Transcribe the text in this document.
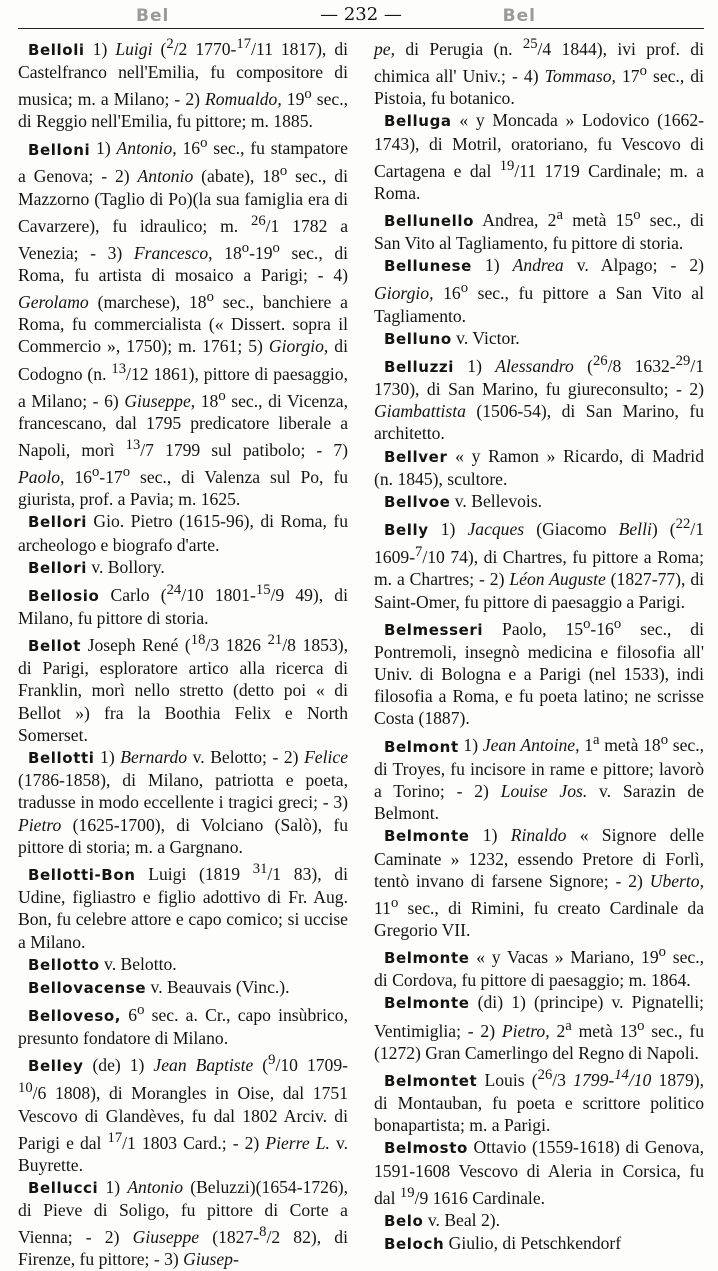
Bel	— 232 —	Bel

Belloli 1) Luigi ($^2$/2 1770-$^{17}$/11 1817), di Castelfranco nell'Emilia, fu compositore di musica; m. a Milano; - 2) Romualdo, 19$^o$ sec., di Reggio nell'Emilia, fu pittore; m. 1885.

Belloni 1) Antonio, 16$^o$ sec., fu stampatore a Genova; - 2) Antonio (abate), 18$^o$ sec., di Mazzorno (Taglio di Po)(la sua famiglia era di Cavarzere), fu idraulico; m. $^{26}$/1 1782 a Venezia; - 3) Francesco, 18$^o$-19$^o$ sec., di Roma, fu artista di mosaico a Parigi; - 4) Gerolamo (marchese), 18$^o$ sec., banchiere a Roma, fu commercialista (« Dissert. sopra il Commercio », 1750); m. 1761; 5) Giorgio, di Codogno (n. $^{13}$/12 1861), pittore di paesaggio, a Milano; - 6) Giuseppe, 18$^o$ sec., di Vicenza, francescano, dal 1795 predicatore liberale a Napoli, morì $^{13}$/7 1799 sul patibolo; - 7) Paolo, 16$^o$-17$^o$ sec., di Valenza sul Po, fu giurista, prof. a Pavia; m. 1625.

Bellori Gio. Pietro (1615-96), di Roma, fu archeologo e biografo d'arte.

Bellori v. Bollory.

Bellosio Carlo ($^{24}$/10 1801-$^{15}$/9 49), di Milano, fu pittore di storia.

Bellot Joseph René ($^{18}$/3 1826 $^{21}$/8 1853), di Parigi, esploratore artico alla ricerca di Franklin, morì nello stretto (detto poi « di Bellot ») fra la Boothia Felix e North Somerset.

Bellotti 1) Bernardo v. Belotto; - 2) Felice (1786-1858), di Milano, patriotta e poeta, tradusse in modo eccellente i tragici greci; - 3) Pietro (1625-1700), di Volciano (Salò), fu pittore di storia; m. a Gargnano.

Bellotti-Bon Luigi (1819 $^{31}$/1 83), di Udine, figliastro e figlio adottivo di Fr. Aug. Bon, fu celebre attore e capo comico; si uccise a Milano.

Bellotto v. Belotto.

Bellovacense v. Beauvais (Vinc.).

Belloveso, 6$^o$ sec. a. Cr., capo insùbrico, presunto fondatore di Milano.

Belley (de) 1) Jean Baptiste ($^9$/10 1709-$^{10}$/6 1808), di Morangles in Oise, dal 1751 Vescovo di Glandèves, fu dal 1802 Arciv. di Parigi e dal $^{17}$/1 1803 Card.; - 2) Pierre L. v. Buyrette.

Bellucci 1) Antonio (Beluzzi)(1654-1726), di Pieve di Soligo, fu pittore di Corte a Vienna; - 2) Giuseppe (1827-$^8$/2 82), di Firenze, fu pittore; - 3) Giusep-

pe, di Perugia (n. $^{25}$/4 1844), ivi prof. di chimica all' Univ.; - 4) Tommaso, 17$^o$ sec., di Pistoia, fu botanico.

Belluga « y Moncada » Lodovico (1662-1743), di Motril, oratoriano, fu Vescovo di Cartagena e dal $^{19}$/11 1719 Cardinale; m. a Roma.

Bellunello Andrea, 2$^a$ metà 15$^o$ sec., di San Vito al Tagliamento, fu pittore di storia.

Bellunese 1) Andrea v. Alpago; - 2) Giorgio, 16$^o$ sec., fu pittore a San Vito al Tagliamento.

Belluno v. Victor.

Belluzzi 1) Alessandro ($^{26}$/8 1632-$^{29}$/1 1730), di San Marino, fu giureconsulto; - 2) Giambattista (1506-54), di San Marino, fu architetto.

Bellver « y Ramon » Ricardo, di Madrid (n. 1845), scultore.

Bellvoe v. Bellevois.

Belly 1) Jacques (Giacomo Belli) ($^{22}$/1 1609-$^7$/10 74), di Chartres, fu pittore a Roma; m. a Chartres; - 2) Léon Auguste (1827-77), di Saint-Omer, fu pittore di paesaggio a Parigi.

Belmesseri Paolo, 15$^o$-16$^o$ sec., di Pontremoli, insegnò medicina e filosofia all' Univ. di Bologna e a Parigi (nel 1533), indi filosofia a Roma, e fu poeta latino; ne scrisse Costa (1887).

Belmont 1) Jean Antoine, 1$^a$ metà 18$^o$ sec., di Troyes, fu incisore in rame e pittore; lavorò a Torino; - 2) Louise Jos. v. Sarazin de Belmont.

Belmonte 1) Rinaldo « Signore delle Caminate » 1232, essendo Pretore di Forlì, tentò invano di farsene Signore; - 2) Uberto, 11$^o$ sec., di Rimini, fu creato Cardinale da Gregorio VII.

Belmonte « y Vacas » Mariano, 19$^o$ sec., di Cordova, fu pittore di paesaggio; m. 1864.

Belmonte (di) 1) (principe) v. Pignatelli; Ventimiglia; - 2) Pietro, 2$^a$ metà 13$^o$ sec., fu (1272) Gran Camerlingo del Regno di Napoli.

Belmontet Louis ($^{26}$/3 1799-$^{14}$/10 1879), di Montauban, fu poeta e scrittore politico bonapartista; m. a Parigi.

Belmosto Ottavio (1559-1618) di Genova, 1591-1608 Vescovo di Aleria in Corsica, fu dal $^{19}$/9 1616 Cardinale.

Belo v. Beal 2).

Beloch Giulio, di Petschkendorf
